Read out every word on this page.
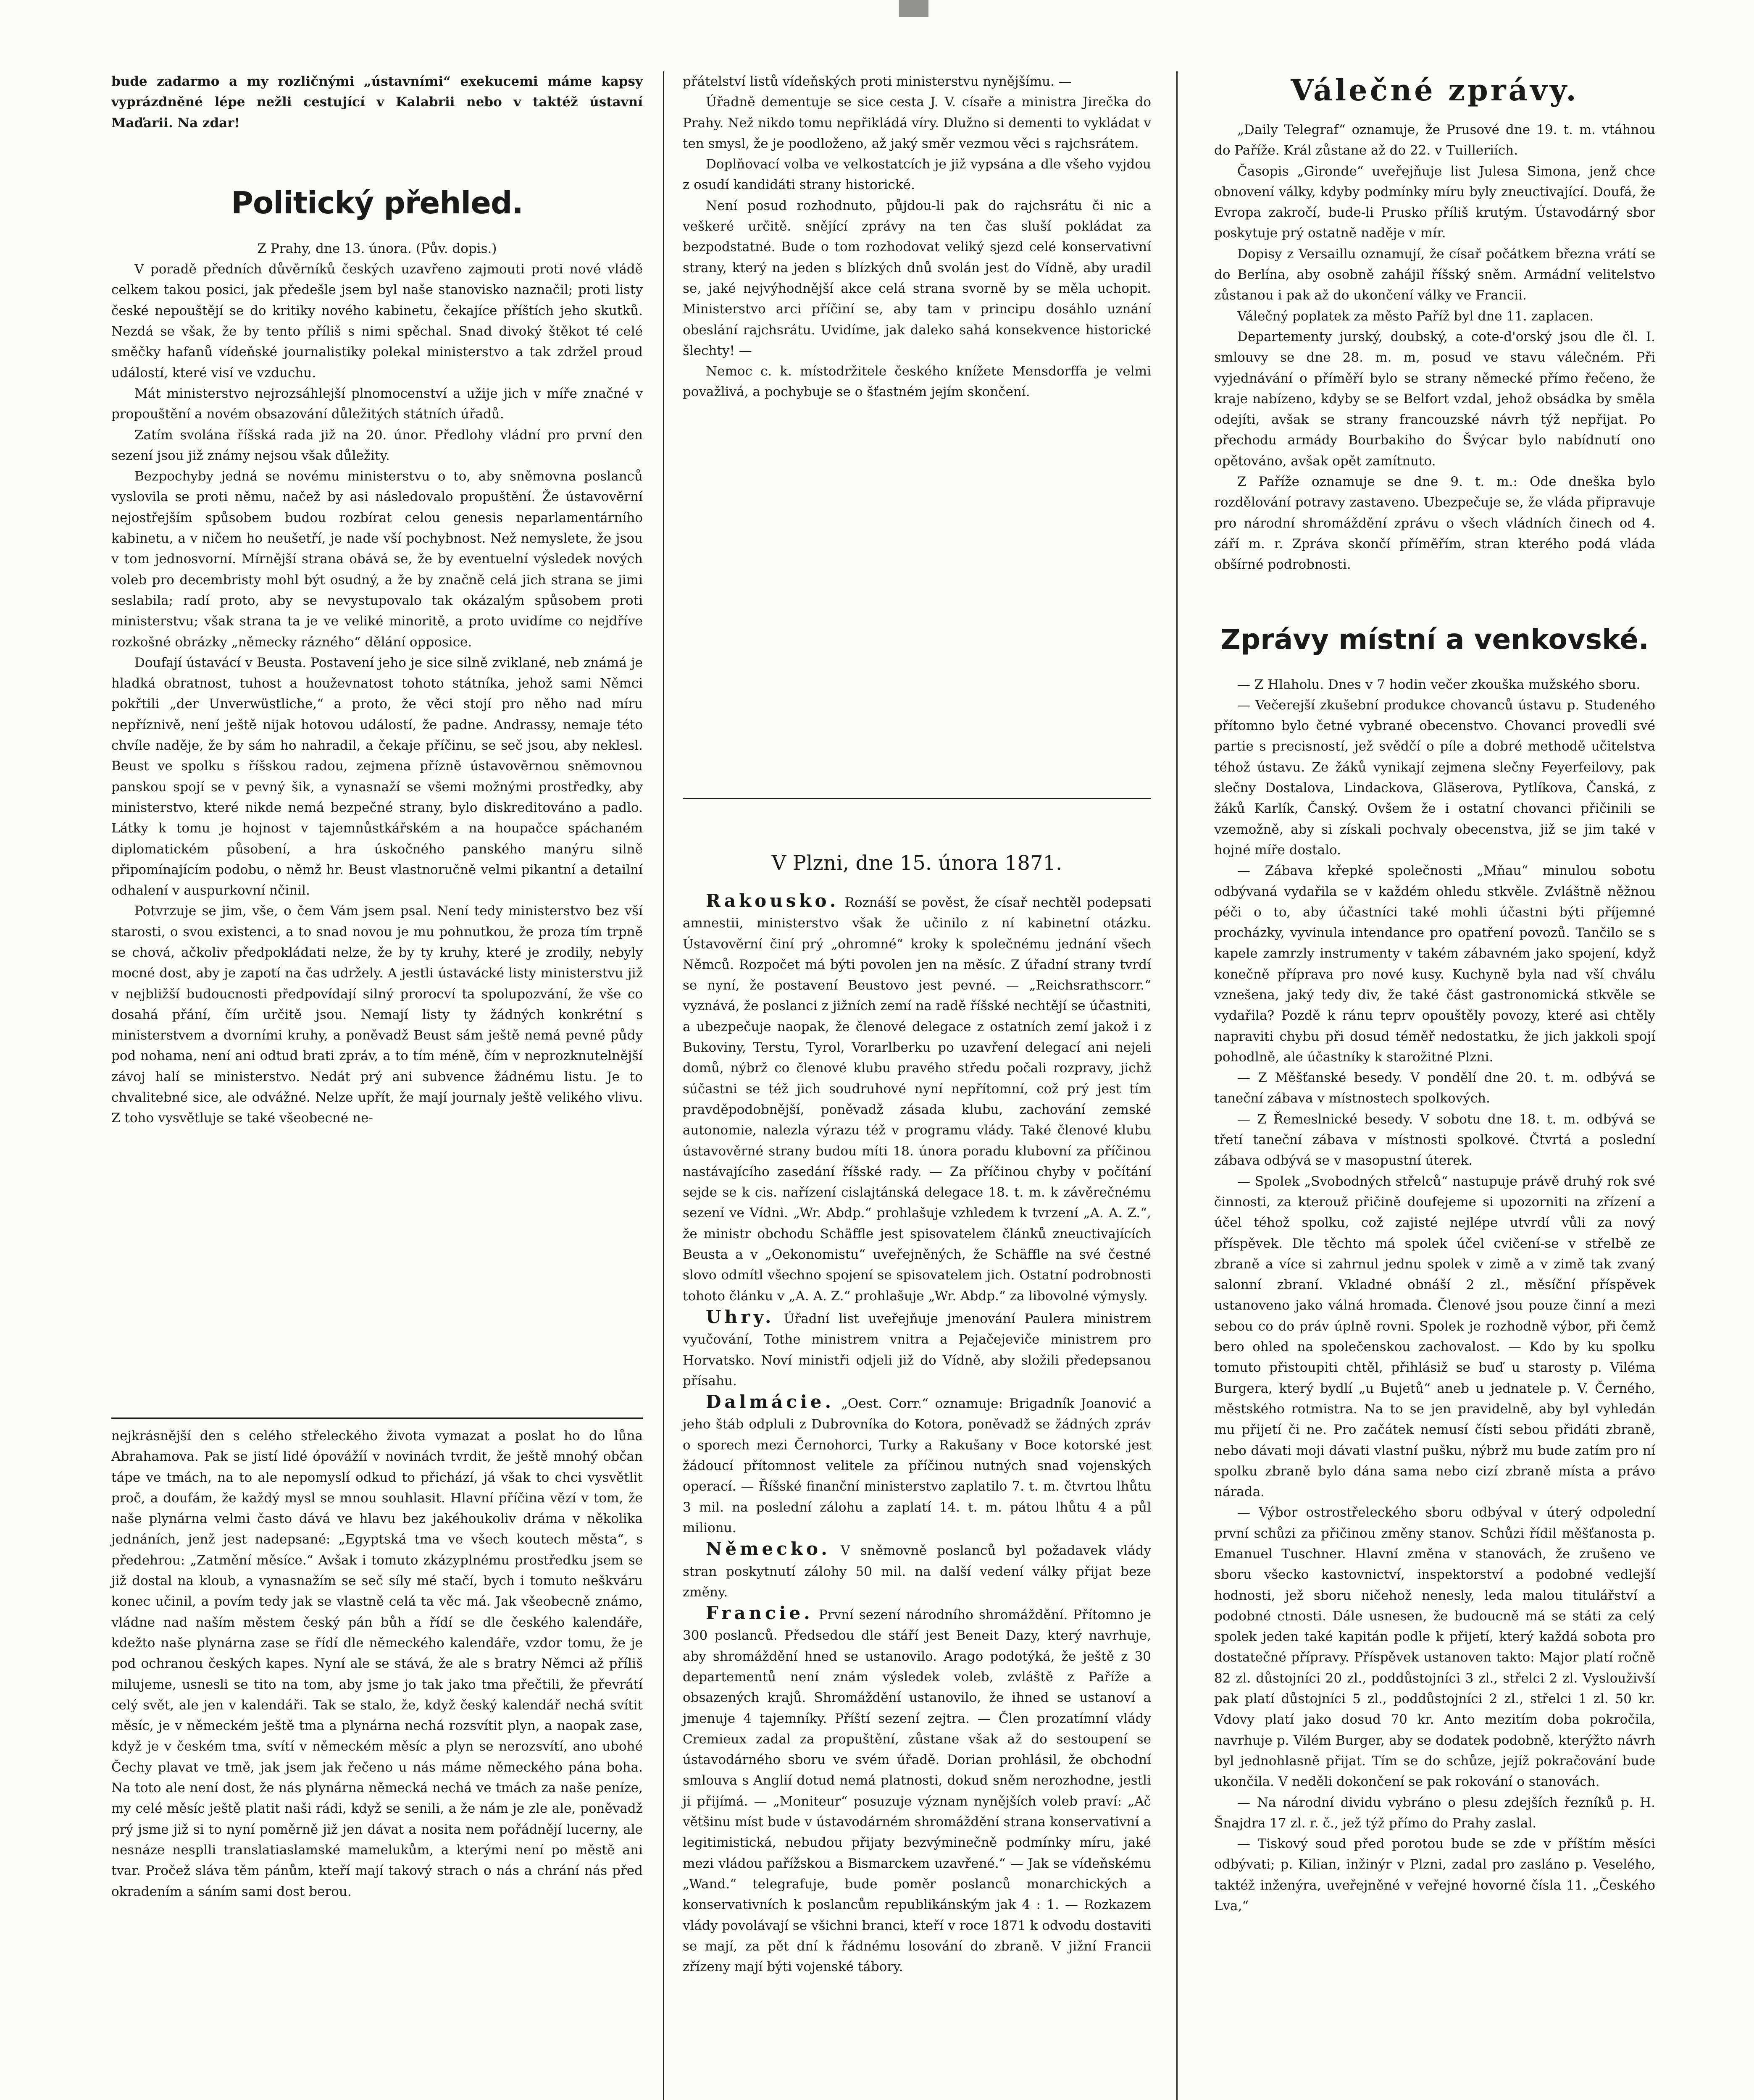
bude zadarmo a my rozličnými „ústavními“ exekucemi máme kapsy vyprázdněné lépe nežli cestující v Kalabrii nebo v taktéž ústavní Maďarii. Na zdar!

Politický přehled.

Z Prahy, dne 13. února. (Pův. dopis.)

V poradě předních důvěrníků českých uzavřeno zajmouti proti nové vládě celkem takou posici, jak předešle jsem byl naše stanovisko naznačil; proti listy české nepouštějí se do kritiky nového kabinetu, čekajíce příštích jeho skutků. Nezdá se však, že by tento příliš s nimi spěchal. Snad divoký štěkot té celé směčky hafanů vídeňské journalistiky polekal ministerstvo a tak zdržel proud událostí, které visí ve vzduchu.

Mát ministerstvo nejrozsáhlejší plnomocenství a užije jich v míře značné v propouštění a novém obsazování důležitých státních úřadů.

Zatím svolána říšská rada již na 20. únor. Předlohy vládní pro první den sezení jsou již známy nejsou však důležity.

Bezpochyby jedná se novému ministerstvu o to, aby sněmovna poslanců vyslovila se proti němu, načež by asi následovalo propuštění. Že ústavověrní nejostřejším spůsobem budou rozbírat celou genesis neparlamentárního kabinetu, a v ničem ho neušetří, je nade vší pochybnost. Než nemyslete, že jsou v tom jednosvorní. Mírnější strana obává se, že by eventuelní výsledek nových voleb pro decembristy mohl být osudný, a že by značně celá jich strana se jimi seslabila; radí proto, aby se nevystupovalo tak okázalým spůsobem proti ministerstvu; však strana ta je ve veliké minoritě, a proto uvidíme co nejdříve rozkošné obrázky „německy rázného“ dělání opposice.

Doufají ústavácí v Beusta. Postavení jeho je sice silně zviklané, neb známá je hladká obratnost, tuhost a houževnatost tohoto státníka, jehož sami Němci pokřtili „der Unverwüstliche,“ a proto, že věci stojí pro něho nad míru nepříznivě, není ještě nijak hotovou událostí, že padne. Andrassy, nemaje této chvíle naděje, že by sám ho nahradil, a čekaje příčinu, se seč jsou, aby neklesl. Beust ve spolku s říšskou radou, zejmena přízně ústavověrnou sněmovnou panskou spojí se v pevný šik, a vynasnaží se všemi možnými prostředky, aby ministerstvo, které nikde nemá bezpečné strany, bylo diskreditováno a padlo. Látky k tomu je hojnost v tajemnůstkářském a na houpačce spáchaném diplomatickém působení, a hra úskočného panského manýru silně připomínajícím podobu, o němž hr. Beust vlastnoručně velmi pikantní a detailní odhalení v auspurkovní nčinil.

Potvrzuje se jim, vše, o čem Vám jsem psal. Není tedy ministerstvo bez vší starosti, o svou existenci, a to snad novou je mu pohnutkou, že proza tím trpně se chová, ačkoliv předpokládati nelze, že by ty kruhy, které je zrodily, nebyly mocné dost, aby je zapotí na čas udržely. A jestli ústavácké listy ministerstvu již v nejbližší budoucnosti předpovídají silný prorocví ta spolupozvání, že vše co dosahá přání, čím určitě jsou. Nemají listy ty žádných konkrétní s ministerstvem a dvorními kruhy, a poněvadž Beust sám ještě nemá pevné půdy pod nohama, není ani odtud brati zpráv, a to tím méně, čím v neprozknutelnější závoj halí se ministerstvo. Nedát prý ani subvence žádnému listu. Je to chvalitebné sice, ale odvážné. Nelze upřít, že mají journaly ještě velikého vlivu. Z toho vysvětluje se také všeobecné ne-

nejkrásnější den s celého střeleckého života vymazat a poslat ho do lůna Abrahamova. Pak se jistí lidé ópovážíí v novinách tvrdit, že ještě mnohý občan tápe ve tmách, na to ale nepomyslí odkud to přichází, já však to chci vysvětlit proč, a doufám, že každý mysl se mnou souhlasit. Hlavní příčina vězí v tom, že naše plynárna velmi často dává ve hlavu bez jakéhoukoliv dráma v několika jednáních, jenž jest nadepsané: „Egyptská tma ve všech koutech města“, s předehrou: „Zatmění měsíce.“ Avšak i tomuto zkázyplnému prostředku jsem se již dostal na kloub, a vynasnažím se seč síly mé stačí, bych i tomuto neškváru konec učinil, a povím tedy jak se vlastně celá ta věc má. Jak všeobecně známo, vládne nad naším městem český pán bůh a řídí se dle českého kalendáře, kdežto naše plynárna zase se řídí dle německého kalendáře, vzdor tomu, že je pod ochranou českých kapes. Nyní ale se stává, že ale s bratry Němci až příliš milujeme, usnesli se tito na tom, aby jsme jo tak jako tma přečtili, že převrátí celý svět, ale jen v kalendáři. Tak se stalo, že, když český kalendář nechá svítit měsíc, je v německém ještě tma a plynárna nechá rozsvítit plyn, a naopak zase, když je v českém tma, svítí v německém měsíc a plyn se nerozsvítí, ano ubohé Čechy plavat ve tmě, jak jsem jak řečeno u nás máme německého pána boha. Na toto ale není dost, že nás plynárna německá nechá ve tmách za naše peníze, my celé měsíc ještě platit naši rádi, když se senili, a že nám je zle ale, poněvadž prý jsme již si to nyní poměrně již jen dávat a nosita nem pořádnějí lucerny, ale nesnáze nesplli translatiaslamské mamelukům, a kterými není po městě ani tvar. Pročež sláva těm pánům, kteří mají takový strach o nás a chrání nás před okradením a sáním sami dost berou.

přátelství listů vídeňských proti ministerstvu nynějšímu. —

Úřadně dementuje se sice cesta J. V. císaře a ministra Jirečka do Prahy. Než nikdo tomu nepřikládá víry. Dlužno si dementi to vykládat v ten smysl, že je poodloženo, až jaký směr vezmou věci s rajchsrátem.

Doplňovací volba ve velkostatcích je již vypsána a dle všeho vyjdou z osudí kandidáti strany historické.

Není posud rozhodnuto, půjdou-li pak do rajchsrátu či nic a veškeré určitě. snějící zprávy na ten čas sluší pokládat za bezpodstatné. Bude o tom rozhodovat veliký sjezd celé konservativní strany, který na jeden s blízkých dnů svolán jest do Vídně, aby uradil se, jaké nejvýhodnější akce celá strana svorně by se měla uchopit. Ministerstvo arci příčiní se, aby tam v principu dosáhlo uznání obeslání rajchsrátu. Uvidíme, jak daleko sahá konsekvence historické šlechty! —

Nemoc c. k. místodržitele českého knížete Mensdorffa je velmi považlivá, a pochybuje se o šťastném jejím skončení.

V Plzni, dne 15. února 1871.

Rakousko. Roznáší se pověst, že císař nechtěl podepsati amnestii, ministerstvo však že učinilo z ní kabinetní otázku. Ústavověrní činí prý „ohromné“ kroky k společnému jednání všech Němců. Rozpočet má býti povolen jen na měsíc. Z úřadní strany tvrdí se nyní, že postavení Beustovo jest pevné. — „Reichsrathscorr.“ vyznává, že poslanci z jižních zemí na radě říšské nechtějí se účastniti, a ubezpečuje naopak, že členové delegace z ostatních zemí jakož i z Bukoviny, Terstu, Tyrol, Vorarlberku po uzavření delegací ani nejeli domů, nýbrž co členové klubu pravého středu počali rozpravy, jichž súčastni se též jich soudruhové nyní nepřítomní, což prý jest tím pravděpodobnější, poněvadž zásada klubu, zachování zemské autonomie, nalezla výrazu též v programu vlády. Také členové klubu ústavověrné strany budou míti 18. února poradu klubovní za příčinou nastávajícího zasedání říšské rady. — Za příčinou chyby v počítání sejde se k cis. nařízení cislajtánská delegace 18. t. m. k závěrečnému sezení ve Vídni. „Wr. Abdp.“ prohlašuje vzhledem k tvrzení „A. A. Z.“, že ministr obchodu Schäffle jest spisovatelem článků zneuctivajících Beusta a v „Oekonomistu“ uveřejněných, že Schäffle na své čestné slovo odmítl všechno spojení se spisovatelem jich. Ostatní podrobnosti tohoto článku v „A. A. Z.“ prohlašuje „Wr. Abdp.“ za libovolné výmysly.

Uhry. Úřadní list uveřejňuje jmenování Paulera ministrem vyučování, Tothe ministrem vnitra a Pejačejeviče ministrem pro Horvatsko. Noví ministři odjeli již do Vídně, aby složili předepsanou přísahu.

Dalmácie. „Oest. Corr.“ oznamuje: Brigadník Joanović a jeho štáb odpluli z Dubrovníka do Kotora, poněvadž se žádných zpráv o sporech mezi Černohorci, Turky a Rakušany v Boce kotorské jest žádoucí přítomnost velitele za příčinou nutných snad vojenských operací. — Říšské finanční ministerstvo zaplatilo 7. t. m. čtvrtou lhůtu 3 mil. na poslední zálohu a zaplatí 14. t. m. pátou lhůtu 4 a půl milionu.

Německo. V sněmovně poslanců byl požadavek vlády stran poskytnutí zálohy 50 mil. na další vedení války přijat beze změny.

Francie. První sezení národního shromáždění. Přítomno je 300 poslanců. Předsedou dle stáří jest Beneit Dazy, který navrhuje, aby shromáždění hned se ustanovilo. Arago podotýká, že ještě z 30 departementů není znám výsledek voleb, zvláště z Paříže a obsazených krajů. Shromáždění ustanovilo, že ihned se ustanoví a jmenuje 4 tajemníky. Příští sezení zejtra. — Člen prozatímní vlády Cremieux zadal za propuštění, zůstane však až do sestoupení se ústavodárného sboru ve svém úřadě. Dorian prohlásil, že obchodní smlouva s Anglií dotud nemá platnosti, dokud sněm nerozhodne, jestli ji přijímá. — „Moniteur“ posuzuje význam nynějších voleb praví: „Ač většinu míst bude v ústavodárném shromáždění strana konservativní a legitimistická, nebudou přijaty bezvýminečně podmínky míru, jaké mezi vládou pařížskou a Bismarckem uzavřené.“ — Jak se vídeňskému „Wand.“ telegrafuje, bude poměr poslanců monarchických a konservativních k poslancům republikánským jak 4 : 1. — Rozkazem vlády povolávají se všichni branci, kteří v roce 1871 k odvodu dostaviti se mají, za pět dní k řádnému losování do zbraně. V jižní Francii zřízeny mají býti vojenské tábory.

Válečné zprávy.

„Daily Telegraf“ oznamuje, že Prusové dne 19. t. m. vtáhnou do Paříže. Král zůstane až do 22. v Tuilleriích.

Časopis „Gironde“ uveřejňuje list Julesa Simona, jenž chce obnovení války, kdyby podmínky míru byly zneuctivající. Doufá, že Evropa zakročí, bude-li Prusko příliš krutým. Ústavodárný sbor poskytuje prý ostatně naděje v mír.

Dopisy z Versaillu oznamují, že císař počátkem března vrátí se do Berlína, aby osobně zahájil říšský sněm. Armádní velitelstvo zůstanou i pak až do ukončení války ve Francii.

Válečný poplatek za město Paříž byl dne 11. zaplacen.

Departementy jurský, doubský, a cote-d'orský jsou dle čl. I. smlouvy se dne 28. m. m, posud ve stavu válečném. Při vyjednávání o příměří bylo se strany německé přímo řečeno, že kraje nabízeno, kdyby se se Belfort vzdal, jehož obsádka by směla odejíti, avšak se strany francouzské návrh týž nepřijat. Po přechodu armády Bourbakiho do Švýcar bylo nabídnutí ono opětováno, avšak opět zamítnuto.

Z Paříže oznamuje se dne 9. t. m.: Ode dneška bylo rozdělování potravy zastaveno. Ubezpečuje se, že vláda připravuje pro národní shromáždění zprávu o všech vládních činech od 4. září m. r. Zpráva skončí příměřím, stran kterého podá vláda obšírné podrobnosti.

Zprávy místní a venkovské.

— Z Hlaholu. Dnes v 7 hodin večer zkouška mužského sboru.

— Večerejší zkušební produkce chovanců ústavu p. Studeného přítomno bylo četné vybrané obecenstvo. Chovanci provedli své partie s precisností, jež svědčí o píle a dobré methodě učitelstva téhož ústavu. Ze žáků vynikají zejmena slečny Feyerfeilovy, pak slečny Dostalova, Lindackova, Gläserova, Pytlíkova, Čanská, z žáků Karlík, Čanský. Ovšem že i ostatní chovanci přičinili se vzemožně, aby si získali pochvaly obecenstva, již se jim také v hojné míře dostalo.

— Zábava křepké společnosti „Mňau“ minulou sobotu odbývaná vydařila se v každém ohledu stkvěle. Zvláštně něžnou péči o to, aby účastníci také mohli účastni býti příjemné procházky, vyvinula intendance pro opatření povozů. Tančilo se s kapele zamrzly instrumenty v takém zábavném jako spojení, když konečně příprava pro nové kusy. Kuchyně byla nad vší chválu vznešena, jaký tedy div, že také část gastronomická stkvěle se vydařila? Pozdě k ránu teprv opouštěly povozy, které asi chtěly napraviti chybu při dosud téměř nedostatku, že jich jakkoli spojí pohodlně, ale účastníky k starožitné Plzni.

— Z Měšťanské besedy. V pondělí dne 20. t. m. odbývá se taneční zábava v místnostech spolkových.

— Z Řemeslnické besedy. V sobotu dne 18. t. m. odbývá se třetí taneční zábava v místnosti spolkové. Čtvrtá a poslední zábava odbývá se v masopustní úterek.

— Spolek „Svobodných střelců“ nastupuje právě druhý rok své činnosti, za kterouž přičině doufejeme si upozorniti na zřízení a účel téhož spolku, což zajisté nejlépe utvrdí vůli za nový příspěvek. Dle těchto má spolek účel cvičení-se v střelbě ze zbraně a více si zahrnul jednu spolek v zimě a v zimě tak zvaný salonní zbraní. Vkladné obnáší 2 zl., měsíční příspěvek ustanoveno jako válná hromada. Členové jsou pouze činní a mezi sebou co do práv úplně rovni. Spolek je rozhodně výbor, při čemž bero ohled na společenskou zachovalost. — Kdo by ku spolku tomuto přistoupiti chtěl, přihlásiž se buď u starosty p. Viléma Burgera, který bydlí „u Bujetů“ aneb u jednatele p. V. Černého, městského rotmistra. Na to se jen pravidelně, aby byl vyhledán mu přijetí či ne. Pro začátek nemusí čísti sebou přidáti zbraně, nebo dávati moji dávati vlastní pušku, nýbrž mu bude zatím pro ní spolku zbraně bylo dána sama nebo cizí zbraně místa a právo nárada.

— Výbor ostrostřeleckého sboru odbýval v úterý odpolední první schůzi za přičinou změny stanov. Schůzi řídil měšťanosta p. Emanuel Tuschner. Hlavní změna v stanovách, že zrušeno ve sboru všecko kastovnictví, inspektorství a podobné vedlejší hodnosti, jež sboru ničehož nenesly, leda malou titulářství a podobné ctnosti. Dále usnesen, že budoucně má se státi za celý spolek jeden také kapitán podle k přijetí, který každá sobota pro dostatečné přípravy. Příspěvek ustanoven takto: Major platí ročně 82 zl. důstojníci 20 zl., poddůstojníci 3 zl., střelci 2 zl. Vyslouživší pak platí důstojníci 5 zl., poddůstojníci 2 zl., střelci 1 zl. 50 kr. Vdovy platí jako dosud 70 kr. Anto mezitím doba pokročila, navrhuje p. Vilém Burger, aby se dodatek podobně, kterýžto návrh byl jednohlasně přijat. Tím se do schůze, jejíž pokračování bude ukončila. V neděli dokončení se pak rokování o stanovách.

— Na národní dividu vybráno o plesu zdejších řezníků p. H. Šnajdra 17 zl. r. č., jež týž přímo do Prahy zaslal.

— Tiskový soud před porotou bude se zde v příštím měsíci odbývati; p. Kilian, inžinýr v Plzni, zadal pro zasláno p. Veselého, taktéž inženýra, uveřejněné v veřejné hovorné čísla 11. „Českého Lva,“
